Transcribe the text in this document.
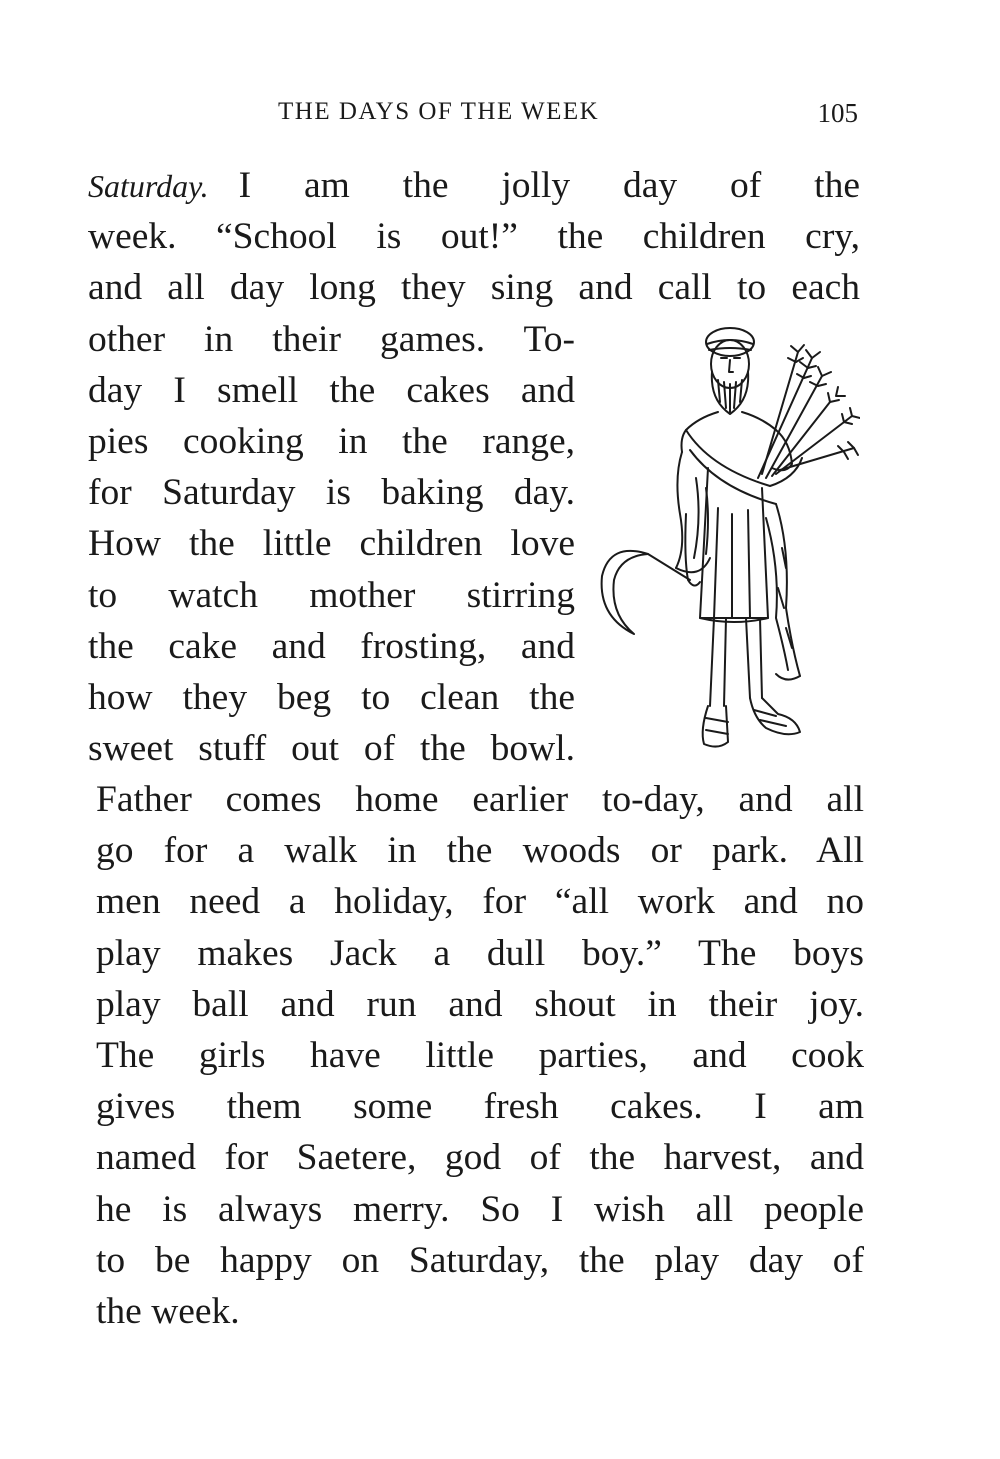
THE DAYS OF THE WEEK	105
Saturday. I am the jolly day of the
week. “School is out!” the children cry,
and all day long they sing and call to each
other in their games. To-
day I smell the cakes and
pies cooking in the range,
for Saturday is baking day.
How the little children love
to watch mother stirring
the cake and frosting, and
how they beg to clean the
sweet stuff out of the bowl.
Father comes home earlier to-day, and all
go for a walk in the woods or park. All
men need a holiday, for “all work and no
play makes Jack a dull boy.” The boys
play ball and run and shout in their joy.
The girls have little parties, and cook
gives them some fresh cakes. I am
named for Saetere, god of the harvest, and
he is always merry. So I wish all people
to be happy on Saturday, the play day of
the week.
